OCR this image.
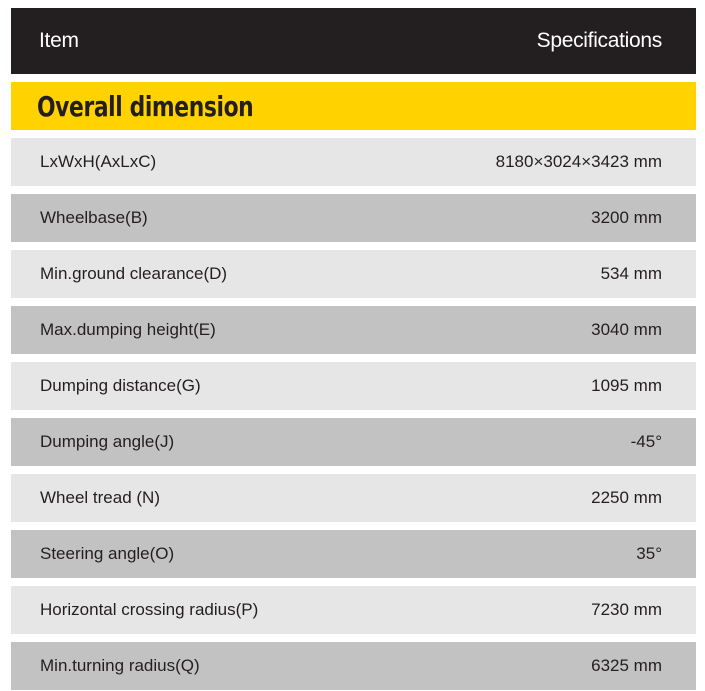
Item	Specifications
Overall dimension
LxWxH(AxLxC)	8180×3024×3423 mm
Wheelbase(B)	3200 mm
Min.ground clearance(D)	534 mm
Max.dumping height(E)	3040 mm
Dumping distance(G)	1095 mm
Dumping angle(J)	-45°
Wheel tread (N)	2250 mm
Steering angle(O)	35°
Horizontal crossing radius(P)	7230 mm
Min.turning radius(Q)	6325 mm
